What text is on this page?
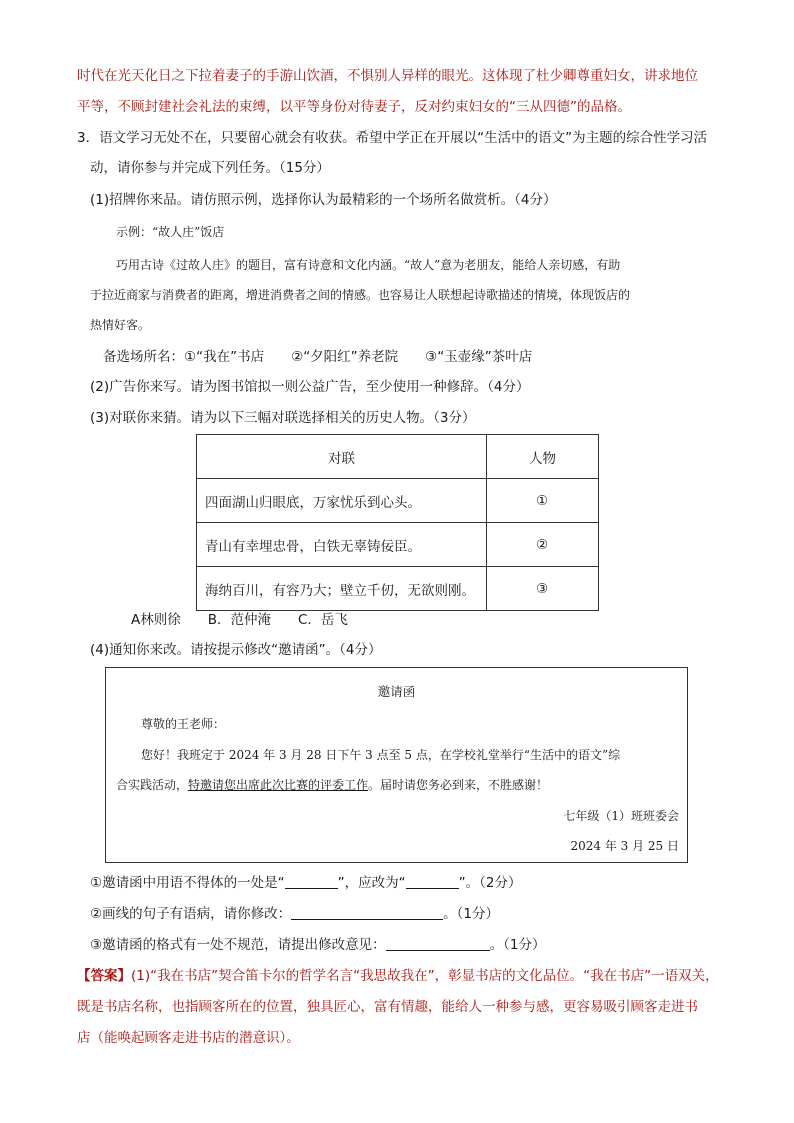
时代在光天化日之下拉着妻子的手游山饮酒，不惧别人异样的眼光。这体现了杜少卿尊重妇女，讲求地位
平等，不顾封建社会礼法的束缚，以平等身份对待妻子，反对约束妇女的“三从四德”的品格。
3．语文学习无处不在，只要留心就会有收获。希望中学正在开展以“生活中的语文”为主题的综合性学习活
动，请你参与并完成下列任务。（15分）
(1)招牌你来品。请仿照示例，选择你认为最精彩的一个场所名做赏析。（4分）
示例：“故人庄”饭店
巧用古诗《过故人庄》的题目，富有诗意和文化内涵。“故人”意为老朋友，能给人亲切感，有助
于拉近商家与消费者的距离，增进消费者之间的情感。也容易让人联想起诗歌描述的情境，体现饭店的
热情好客。
备选场所名：①“我在”书店　　②“夕阳红”养老院　　③“玉壶缘”茶叶店
(2)广告你来写。请为图书馆拟一则公益广告，至少使用一种修辞。（4分）
(3)对联你来猜。请为以下三幅对联选择相关的历史人物。（3分）
对联	人物
四面湖山归眼底，万家忧乐到心头。	①
青山有幸埋忠骨，白铁无辜铸佞臣。	②
海纳百川，有容乃大；壁立千仞，无欲则刚。	③
A林则徐　　B．范仲淹　　C．岳飞
(4)通知你来改。请按提示修改“邀请函”。（4分）
邀请函
尊敬的王老师：
您好！我班定于 2024 年 3 月 28 日下午 3 点至 5 点，在学校礼堂举行“生活中的语文”综
合实践活动，特邀请您出席此次比赛的评委工作。届时请您务必到来，不胜感谢！
七年级（1）班班委会
2024 年 3 月 25 日
①邀请函中用语不得体的一处是“	”，应改为“	”。（2分）
②画线的句子有语病，请你修改：	。（1分）
③邀请函的格式有一处不规范，请提出修改意见：	。（1分）
【答案】(1)“我在书店”契合笛卡尔的哲学名言“我思故我在”，彰显书店的文化品位。“我在书店”一语双关，
既是书店名称，也指顾客所在的位置，独具匠心，富有情趣，能给人一种参与感，更容易吸引顾客走进书
店（能唤起顾客走进书店的潜意识）。
